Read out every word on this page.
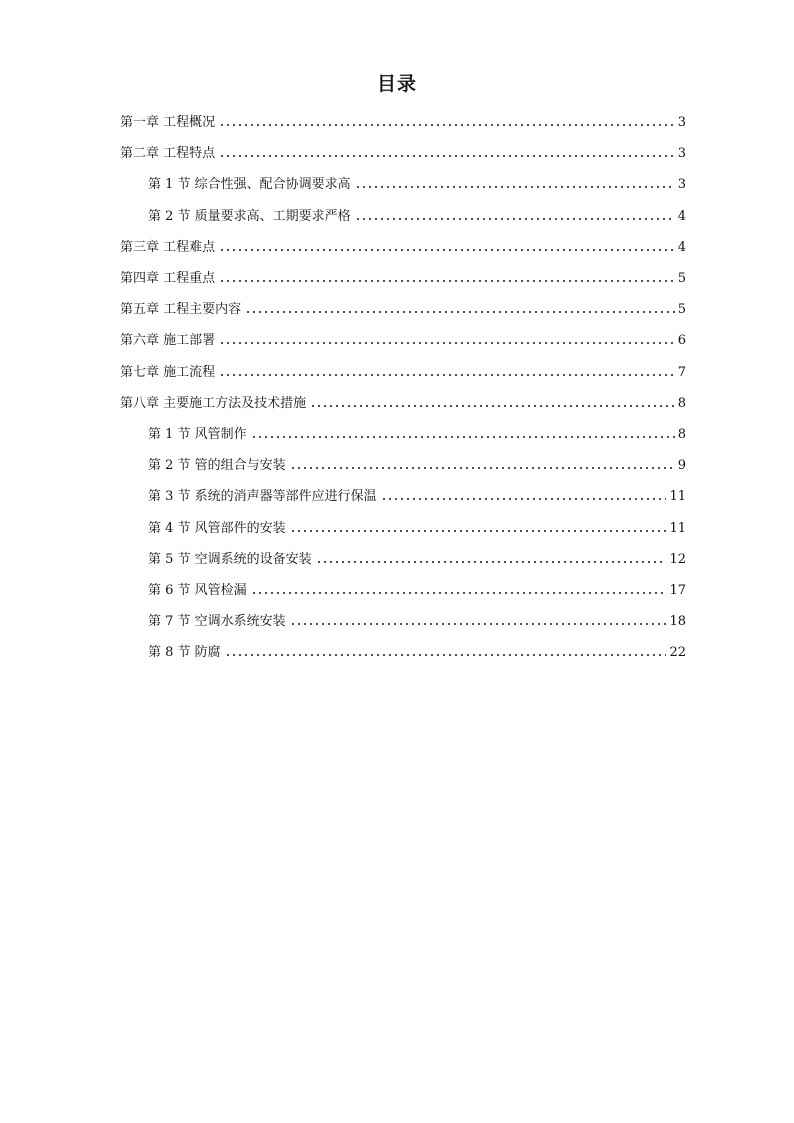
目录
第一章 工程概况	3
第二章 工程特点	3
第 1 节 综合性强、配合协调要求高	3
第 2 节 质量要求高、工期要求严格	4
第三章 工程难点	4
第四章 工程重点	5
第五章 工程主要内容	5
第六章 施工部署	6
第七章 施工流程	7
第八章 主要施工方法及技术措施	8
第 1 节 风管制作	8
第 2 节 管的组合与安装	9
第 3 节 系统的消声器等部件应进行保温	11
第 4 节 风管部件的安装	11
第 5 节 空调系统的设备安装	12
第 6 节 风管检漏	17
第 7 节 空调水系统安装	18
第 8 节 防腐	22
